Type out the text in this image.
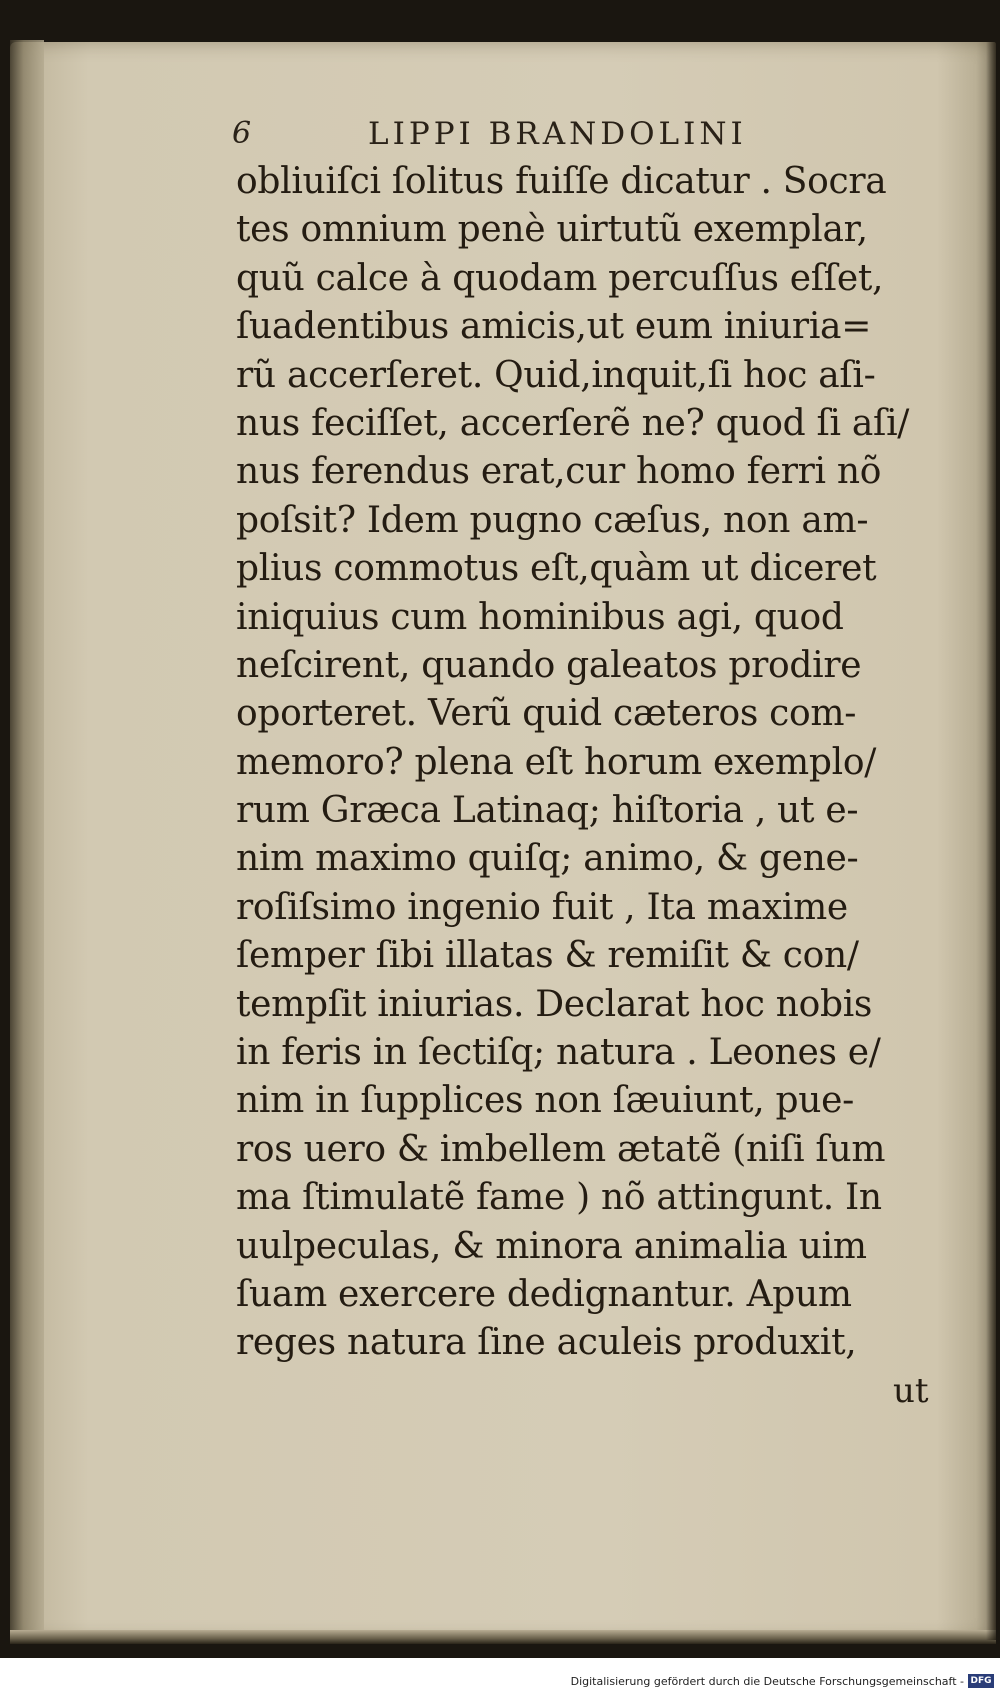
6	LIPPI BRANDOLINI
obliuiſci ſolitus fuiſſe dicatur . Socra
tes omnium penè uirtutũ exemplar,
quũ calce à quodam percuſſus eſſet,
ſuadentibus amicis,ut eum iniuria=
rũ accerſeret. Quid,inquit,ſi hoc aſi-
nus feciſſet, accerſerẽ ne? quod ſi aſi/
nus ferendus erat,cur homo ferri nõ
poſsit? Idem pugno cæſus, non am-
plius commotus eſt,quàm ut diceret
iniquius cum hominibus agi, quod
neſcirent, quando galeatos prodire
oporteret. Verũ quid cæteros com-
memoro? plena eſt horum exemplo/
rum Græca Latinaq; hiſtoria , ut e-
nim maximo quiſq; animo, & gene-
roſiſsimo ingenio fuit , Ita maxime
ſemper ſibi illatas & remiſit & con/
tempſit iniurias. Declarat hoc nobis
in feris in ſectiſq; natura . Leones e/
nim in ſupplices non ſæuiunt, pue-
ros uero & imbellem ætatẽ (niſi ſum
ma ſtimulatẽ fame ) nõ attingunt. In
uulpeculas, & minora animalia uim
ſuam exercere dedignantur. Apum
reges natura ſine aculeis produxit,
ut
Digitalisierung gefördert durch die Deutsche Forschungsgemeinschaft - DFG
